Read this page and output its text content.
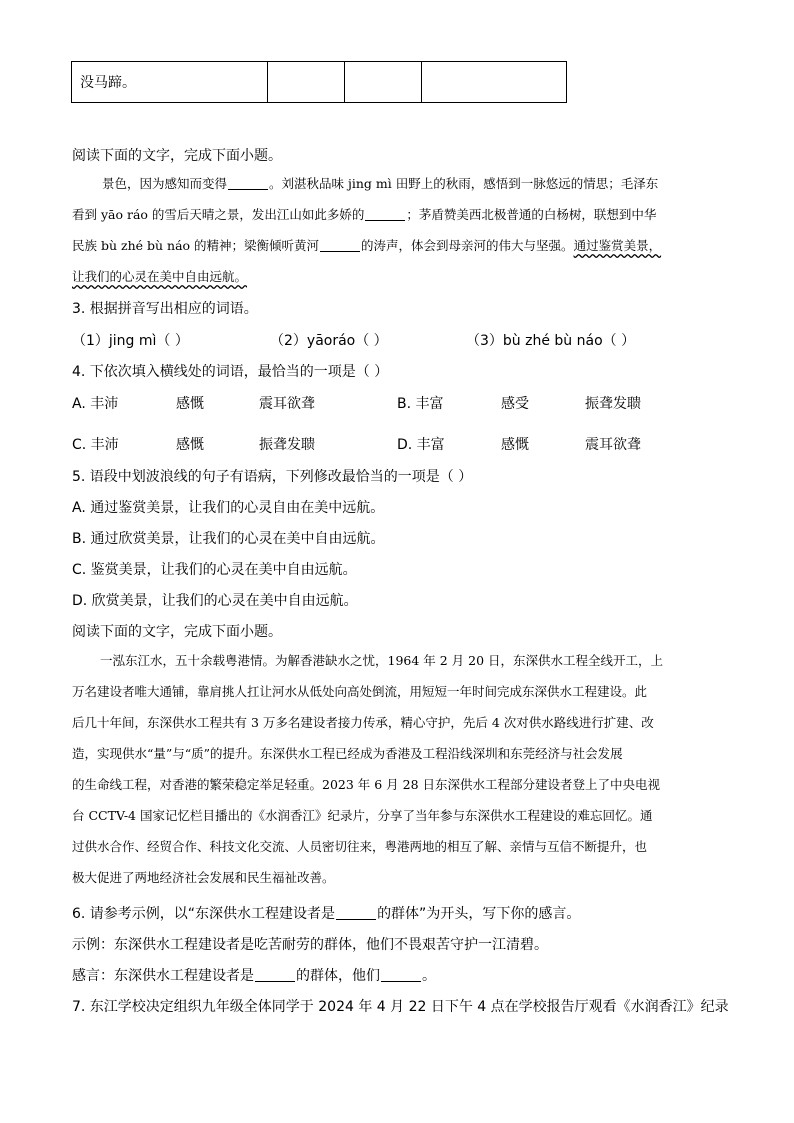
没马蹄。			
阅读下面的文字，完成下面小题。
景色，因为感知而变得	。刘湛秋品味 jing mì 田野上的秋雨，感悟到一脉悠远的情思；毛泽东
看到 yāo ráo 的雪后天晴之景，发出江山如此多娇的	；茅盾赞美西北极普通的白杨树，联想到中华
民族 bù zhé bù náo 的精神；梁衡倾听黄河	的涛声，体会到母亲河的伟大与坚强。通过鉴赏美景，
让我们的心灵在美中自由远航。
3. 根据拼音写出相应的词语。
（1）jing mì（ ）	（2）yāoráo（ ）	（3）bù zhé bù náo（ ）
4. 下依次填入横线处的词语，最恰当的一项是（ ）
A. 丰沛	感慨	震耳欲聋	B. 丰富	感受	振聋发聩
C. 丰沛	感慨	振聋发聩	D. 丰富	感慨	震耳欲聋
5. 语段中划波浪线的句子有语病，下列修改最恰当的一项是（ ）
A. 通过鉴赏美景，让我们的心灵自由在美中远航。
B. 通过欣赏美景，让我们的心灵在美中自由远航。
C. 鉴赏美景，让我们的心灵在美中自由远航。
D. 欣赏美景，让我们的心灵在美中自由远航。
阅读下面的文字，完成下面小题。
一泓东江水，五十余载粤港情。为解香港缺水之忧，1964 年 2 月 20 日，东深供水工程全线开工，上
万名建设者唯大通铺，靠肩挑人扛让河水从低处向高处倒流，用短短一年时间完成东深供水工程建设。此
后几十年间，东深供水工程共有 3 万多名建设者接力传承，精心守护，先后 4 次对供水路线进行扩建、改
造，实现供水“量”与“质”的提升。东深供水工程已经成为香港及工程沿线深圳和东莞经济与社会发展
的生命线工程，对香港的繁荣稳定举足轻重。2023 年 6 月 28 日东深供水工程部分建设者登上了中央电视
台 CCTV-4 国家记忆栏目播出的《水润香江》纪录片，分享了当年参与东深供水工程建设的难忘回忆。通
过供水合作、经贸合作、科技文化交流、人员密切往来，粤港两地的相互了解、亲情与互信不断提升，也
极大促进了两地经济社会发展和民生福祉改善。
6. 请参考示例，以“东深供水工程建设者是	的群体”为开头，写下你的感言。
示例：东深供水工程建设者是吃苦耐劳的群体，他们不畏艰苦守护一江清碧。
感言：东深供水工程建设者是	的群体，他们	。
7. 东江学校决定组织九年级全体同学于 2024 年 4 月 22 日下午 4 点在学校报告厅观看《水润香江》纪录
